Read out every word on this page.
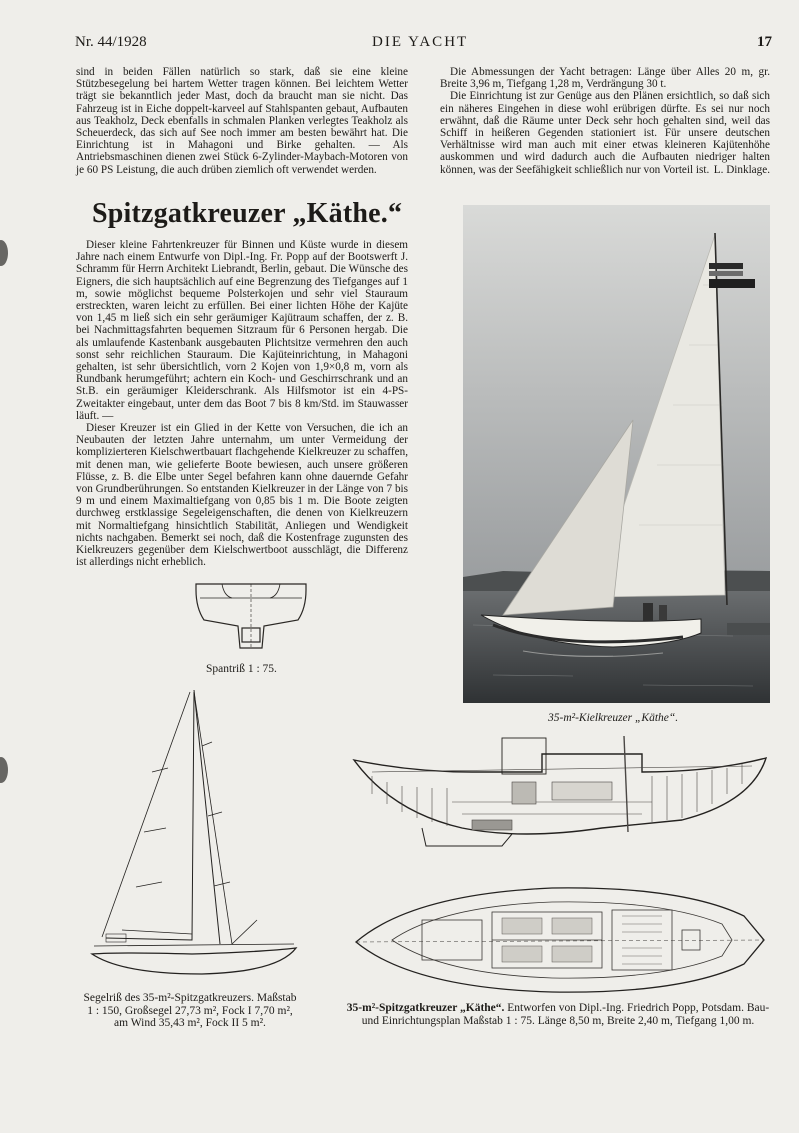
Nr. 44/1928	DIE YACHT	17

sind in beiden Fällen natürlich so stark, daß sie eine kleine Stützbesegelung bei hartem Wetter tragen können. Bei leichtem Wetter trägt sie bekanntlich jeder Mast, doch da braucht man sie nicht. Das Fahrzeug ist in Eiche doppelt-karveel auf Stahlspanten gebaut, Aufbauten aus Teakholz, Deck ebenfalls in schmalen Planken verlegtes Teakholz als Scheuerdeck, das sich auf See noch immer am besten bewährt hat. Die Einrichtung ist in Mahagoni und Birke gehalten. — Als Antriebsmaschinen dienen zwei Stück 6-Zylinder-Maybach-Motoren von je 60 PS Leistung, die auch drüben ziemlich oft verwendet werden.

Die Abmessungen der Yacht betragen: Länge über Alles 20 m, gr. Breite 3,96 m, Tiefgang 1,28 m, Verdrängung 30 t.

Die Einrichtung ist zur Genüge aus den Plänen ersichtlich, so daß sich ein näheres Eingehen in diese wohl erübrigen dürfte. Es sei nur noch erwähnt, daß die Räume unter Deck sehr hoch gehalten sind, weil das Schiff in heißeren Gegenden stationiert ist. Für unsere deutschen Verhältnisse wird man auch mit einer etwas kleineren Kajütenhöhe auskommen und wird dadurch auch die Aufbauten niedriger halten können, was der Seefähigkeit schließlich nur von Vorteil ist. L. Dinklage.

Spitzgatkreuzer „Käthe.“

Dieser kleine Fahrtenkreuzer für Binnen und Küste wurde in diesem Jahre nach einem Entwurfe von Dipl.-Ing. Fr. Popp auf der Bootswerft J. Schramm für Herrn Architekt Liebrandt, Berlin, gebaut. Die Wünsche des Eigners, die sich hauptsächlich auf eine Begrenzung des Tiefganges auf 1 m, sowie möglichst bequeme Polsterkojen und sehr viel Stauraum erstreckten, waren leicht zu erfüllen. Bei einer lichten Höhe der Kajüte von 1,45 m ließ sich ein sehr geräumiger Kajütraum schaffen, der z. B. bei Nachmittagsfahrten bequemen Sitzraum für 6 Personen hergab. Die als umlaufende Kastenbank ausgebauten Plichtsitze vermehren den auch sonst sehr reichlichen Stauraum. Die Kajüteinrichtung, in Mahagoni gehalten, ist sehr übersichtlich, vorn 2 Kojen von 1,9×0,8 m, vorn als Rundbank herumgeführt; achtern ein Koch- und Geschirrschrank und an St.B. ein geräumiger Kleiderschrank. Als Hilfsmotor ist ein 4-PS-Zweitakter eingebaut, unter dem das Boot 7 bis 8 km/Std. im Stauwasser läuft. —

Dieser Kreuzer ist ein Glied in der Kette von Versuchen, die ich an Neubauten der letzten Jahre unternahm, um unter Vermeidung der komplizierteren Kielschwertbauart flachgehende Kielkreuzer zu schaffen, mit denen man, wie gelieferte Boote bewiesen, auch unsere größeren Flüsse, z. B. die Elbe unter Segel befahren kann ohne dauernde Gefahr von Grundberührungen. So entstanden Kielkreuzer in der Länge von 7 bis 9 m und einem Maximaltiefgang von 0,85 bis 1 m. Die Boote zeigten durchweg erstklassige Segeleigenschaften, die denen von Kielkreuzern mit Normaltiefgang hinsichtlich Stabilität, Anliegen und Wendigkeit nichts nachgaben. Bemerkt sei noch, daß die Kostenfrage zugunsten des Kielkreuzers gegenüber dem Kielschwertboot ausschlägt, die Differenz ist allerdings nicht erheblich.

Spantriß 1 : 75.
35-m²-Kielkreuzer „Käthe“.
Segelriß des 35-m²-Spitzgatkreuzers. Maßstab 1 : 150, Großsegel 27,73 m², Fock I 7,70 m², am Wind 35,43 m², Fock II 5 m².
35-m²-Spitzgatkreuzer „Käthe“. Entworfen von Dipl.-Ing. Friedrich Popp, Potsdam. Bau- und Einrichtungsplan Maßstab 1 : 75. Länge 8,50 m, Breite 2,40 m, Tiefgang 1,00 m.
